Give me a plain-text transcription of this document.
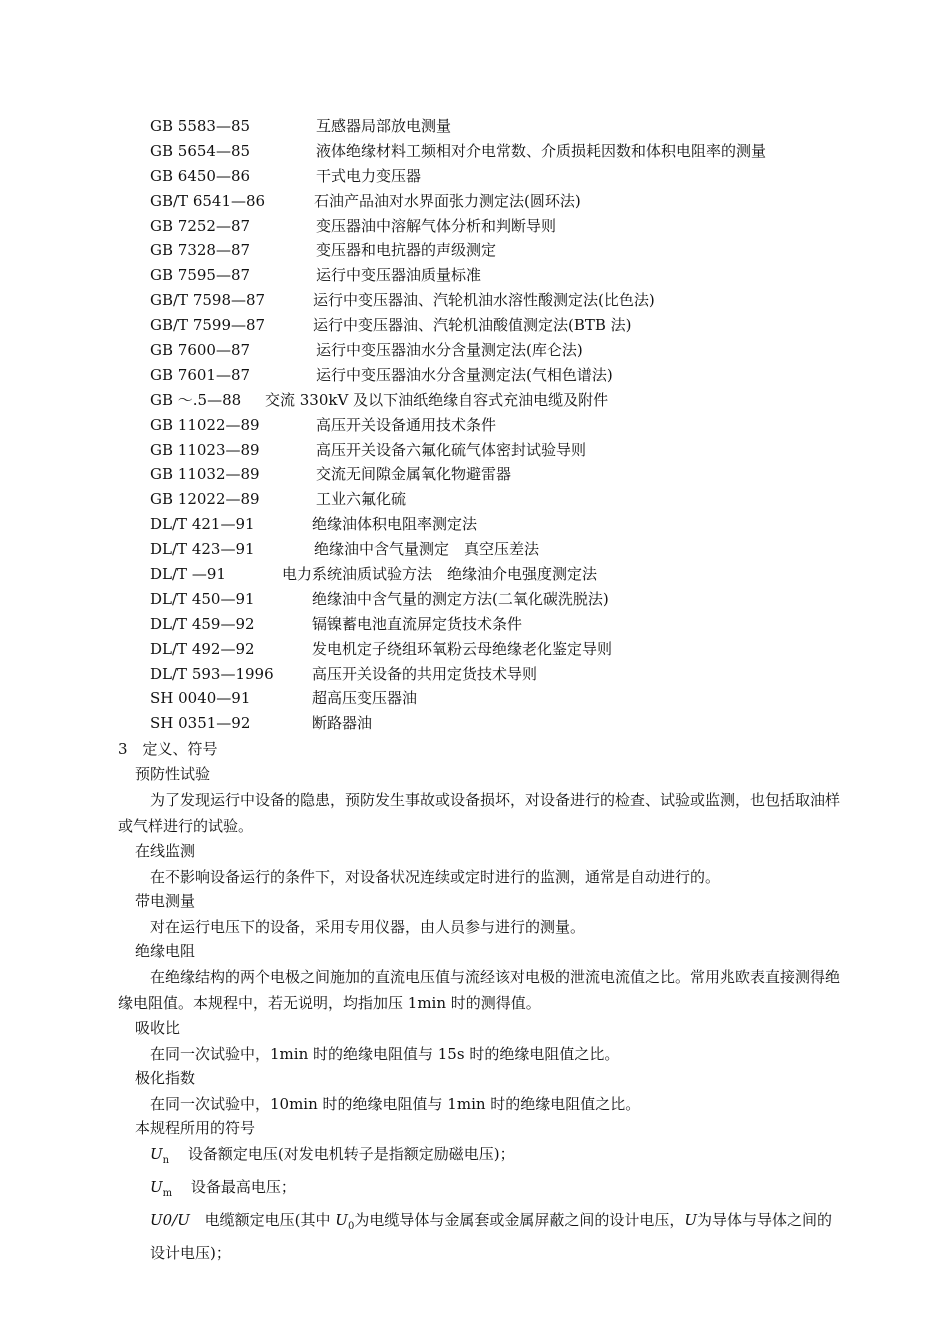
GB 5583—85	互感器局部放电测量
GB 5654—85	液体绝缘材料工频相对介电常数、介质损耗因数和体积电阻率的测量
GB 6450—86	干式电力变压器
GB/T 6541—86	石油产品油对水界面张力测定法(圆环法)
GB 7252—87	变压器油中溶解气体分析和判断导则
GB 7328—87	变压器和电抗器的声级测定
GB 7595—87	运行中变压器油质量标准
GB/T 7598—87	运行中变压器油、汽轮机油水溶性酸测定法(比色法)
GB/T 7599—87	运行中变压器油、汽轮机油酸值测定法(BTB 法)
GB 7600—87	运行中变压器油水分含量测定法(库仑法)
GB 7601—87	运行中变压器油水分含量测定法(气相色谱法)
GB ～.5—88 交流 330kV 及以下油纸绝缘自容式充油电缆及附件
GB 11022—89	高压开关设备通用技术条件
GB 11023—89	高压开关设备六氟化硫气体密封试验导则
GB 11032—89	交流无间隙金属氧化物避雷器
GB 12022—89	工业六氟化硫
DL/T 421—91	绝缘油体积电阻率测定法
DL/T 423—91	绝缘油中含气量测定　真空压差法
DL/T —91	电力系统油质试验方法　绝缘油介电强度测定法
DL/T 450—91	绝缘油中含气量的测定方法(二氧化碳洗脱法)
DL/T 459—92	镉镍蓄电池直流屏定货技术条件
DL/T 492—92	发电机定子绕组环氧粉云母绝缘老化鉴定导则
DL/T 593—1996	高压开关设备的共用定货技术导则
SH 0040—91	超高压变压器油
SH 0351—92	断路器油
3　定义、符号
预防性试验
为了发现运行中设备的隐患，预防发生事故或设备损坏，对设备进行的检查、试验或监测，也包括取油样或气样进行的试验。
在线监测
在不影响设备运行的条件下，对设备状况连续或定时进行的监测，通常是自动进行的。
带电测量
对在运行电压下的设备，采用专用仪器，由人员参与进行的测量。
绝缘电阻
在绝缘结构的两个电极之间施加的直流电压值与流经该对电极的泄流电流值之比。常用兆欧表直接测得绝缘电阻值。本规程中，若无说明，均指加压 1min 时的测得值。
吸收比
在同一次试验中，1min 时的绝缘电阻值与 15s 时的绝缘电阻值之比。
极化指数
在同一次试验中，10min 时的绝缘电阻值与 1min 时的绝缘电阻值之比。
本规程所用的符号
$U_n$ 设备额定电压(对发电机转子是指额定励磁电压)；
$U_m$ 设备最高电压；
U0/U 电缆额定电压(其中 $U_0$为电缆导体与金属套或金属屏蔽之间的设计电压，U为导体与导体之间的设计电压)；
